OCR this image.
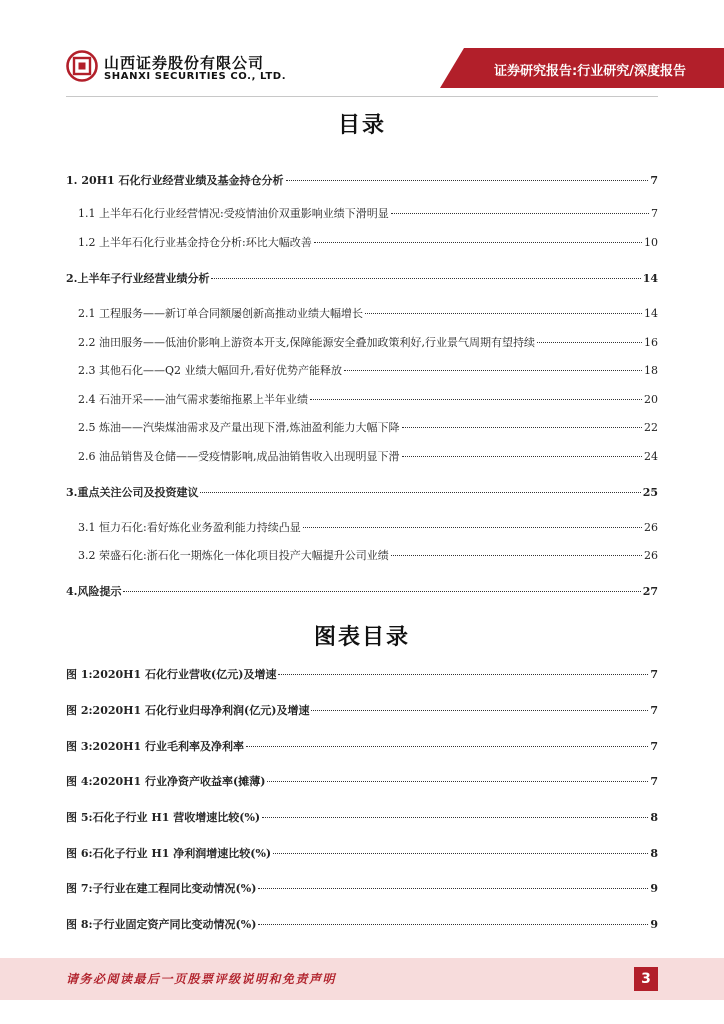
山西证券股份有限公司
SHANXI SECURITIES CO., LTD.	证券研究报告:行业研究/深度报告
目录
1. 20H1 石化行业经营业绩及基金持仓分析	7
1.1 上半年石化行业经营情况:受疫情油价双重影响业绩下滑明显	7
1.2 上半年石化行业基金持仓分析:环比大幅改善	10
2.上半年子行业经营业绩分析	14
2.1 工程服务——新订单合同额屡创新高推动业绩大幅增长	14
2.2 油田服务——低油价影响上游资本开支,保障能源安全叠加政策利好,行业景气周期有望持续	16
2.3 其他石化——Q2 业绩大幅回升,看好优势产能释放	18
2.4 石油开采——油气需求萎缩拖累上半年业绩	20
2.5 炼油——汽柴煤油需求及产量出现下滑,炼油盈利能力大幅下降	22
2.6 油品销售及仓储——受疫情影响,成品油销售收入出现明显下滑	24
3.重点关注公司及投资建议	25
3.1 恒力石化:看好炼化业务盈利能力持续凸显	26
3.2 荣盛石化:浙石化一期炼化一体化项目投产大幅提升公司业绩	26
4.风险提示	27
图表目录
图 1:2020H1 石化行业营收(亿元)及增速	7
图 2:2020H1 石化行业归母净利润(亿元)及增速	7
图 3:2020H1 行业毛利率及净利率	7
图 4:2020H1 行业净资产收益率(摊薄)	7
图 5:石化子行业 H1 营收增速比较(%)	8
图 6:石化子行业 H1 净利润增速比较(%)	8
图 7:子行业在建工程同比变动情况(%)	9
图 8:子行业固定资产同比变动情况(%)	9
请务必阅读最后一页股票评级说明和免责声明	3
